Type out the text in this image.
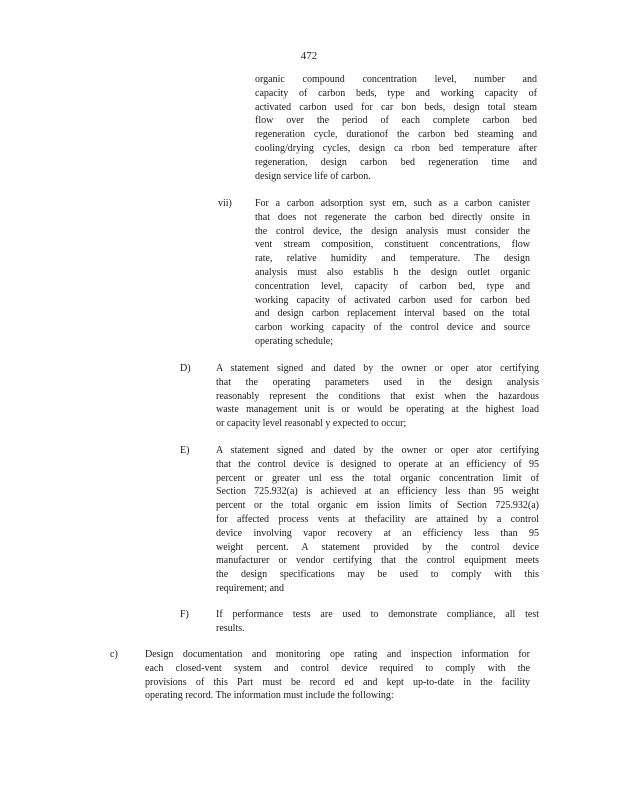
472
organic compound concentration level, number and
capacity of carbon beds, type and working capacity of
activated carbon used for car bon beds, design total steam
flow over the period of each complete carbon bed
regeneration cycle, durationof the carbon bed steaming and
cooling/drying cycles, design ca rbon bed temperature after
regeneration, design carbon bed regeneration time and
design service life of carbon.
vii) For a carbon adsorption syst em, such as a carbon canister
that does not regenerate the carbon bed directly onsite in
the control device, the design analysis must consider the
vent stream composition, constituent concentrations, flow
rate, relative humidity and temperature. The design
analysis must also establis h the design outlet organic
concentration level, capacity of carbon bed, type and
working capacity of activated carbon used for carbon bed
and design carbon replacement interval based on the total
carbon working capacity of the control device and source
operating schedule;
D)	A statement signed and dated by the owner or oper ator certifying
that the operating parameters used in the design analysis
reasonably represent the conditions that exist when the hazardous
waste management unit is or would be operating at the highest load
or capacity level reasonabl y expected to occur;
E)	A statement signed and dated by the owner or oper ator certifying
that the control device is designed to operate at an efficiency of 95
percent or greater unl ess the total organic concentration limit of
Section 725.932(a) is achieved at an efficiency less than 95 weight
percent or the total organic em ission limits of Section 725.932(a)
for affected process vents at thefacility are attained by a control
device involving vapor recovery at an efficiency less than 95
weight percent. A statement provided by the control device
manufacturer or vendor certifying that the control equipment meets
the design specifications may be used to comply with this
requirement; and
F)	If performance tests are used to demonstrate compliance, all test
results.
c)	Design documentation and monitoring ope rating and inspection information for
each closed-vent system and control device required to comply with the
provisions of this Part must be record ed and kept up-to-date in the facility
operating record. The information must include the following:
